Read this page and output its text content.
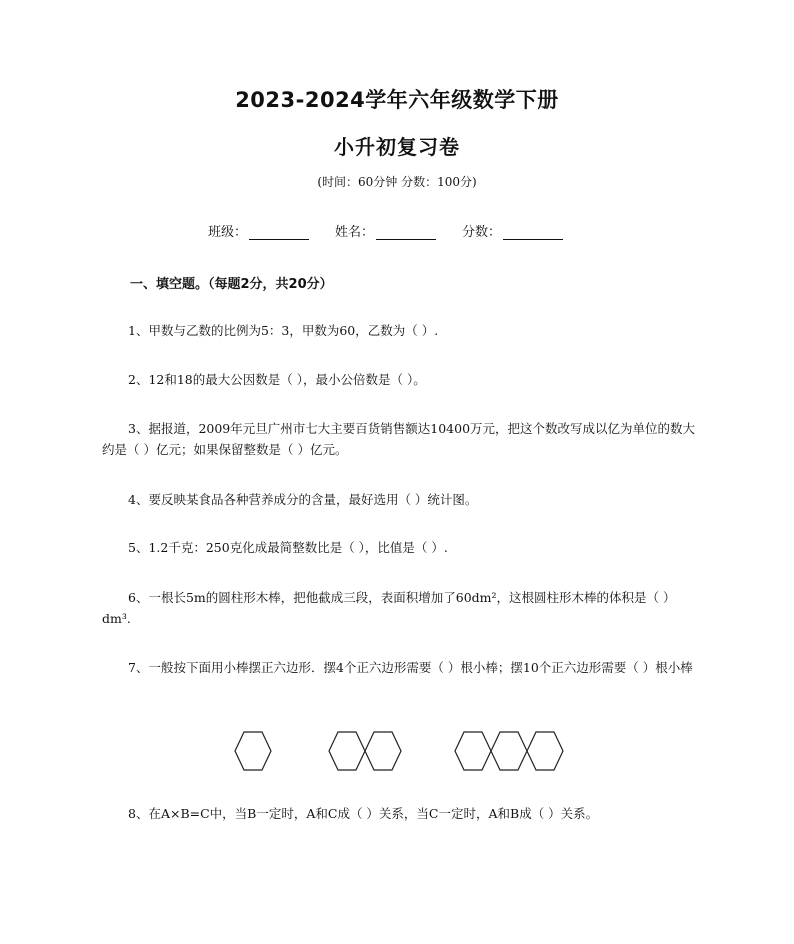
2023-2024学年六年级数学下册
小升初复习卷
(时间：60分钟 分数：100分)
班级：	姓名：	分数：
一、填空题。（每题2分，共20分）
1、甲数与乙数的比例为5：3，甲数为60，乙数为（ ）.
2、12和18的最大公因数是（ ），最小公倍数是（ ）。
3、据报道，2009年元旦广州市七大主要百货销售额达10400万元，把这个数改写成以亿为单位的数大约是（ ）亿元；如果保留整数是（ ）亿元。
4、要反映某食品各种营养成分的含量，最好选用（ ）统计图。
5、1.2千克：250克化成最简整数比是（ ），比值是（ ）.
6、一根长5m的圆柱形木棒，把他截成三段，表面积增加了60dm²，这根圆柱形木棒的体积是（ ）dm³.
7、一般按下面用小棒摆正六边形．摆4个正六边形需要（ ）根小棒；摆10个正六边形需要（ ）根小棒
8、在A×B=C中，当B一定时，A和C成（ ）关系，当C一定时，A和B成（ ）关系。
